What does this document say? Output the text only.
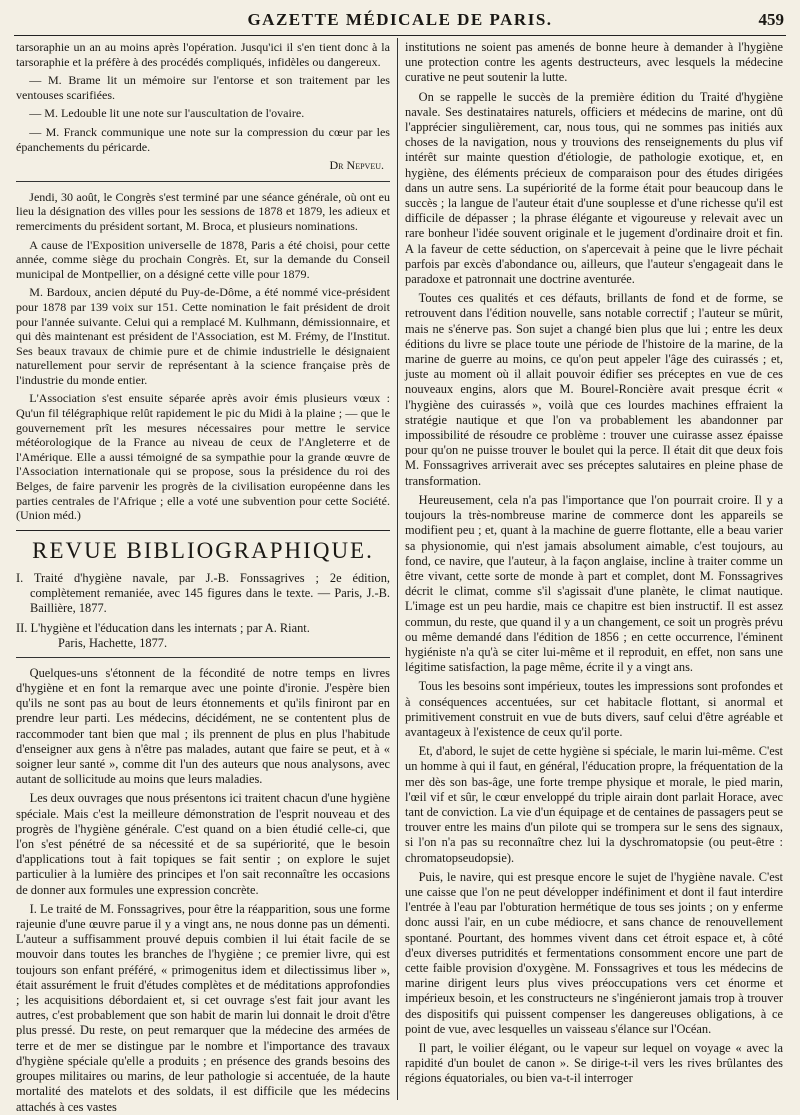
GAZETTE MÉDICALE DE PARIS.	459

tarsoraphie un an au moins après l'opération. Jusqu'ici il s'en tient donc à la tarsoraphie et la préfère à des procédés compliqués, infidèles ou dangereux.

— M. Brame lit un mémoire sur l'entorse et son traitement par les ventouses scarifiées.

— M. Ledouble lit une note sur l'auscultation de l'ovaire.

— M. Franck communique une note sur la compression du cœur par les épanchements du péricarde.

Dr Nepveu.

Jendi, 30 août, le Congrès s'est terminé par une séance générale, où ont eu lieu la désignation des villes pour les sessions de 1878 et 1879, les adieux et remerciments du président sortant, M. Broca, et plusieurs nominations.

A cause de l'Exposition universelle de 1878, Paris a été choisi, pour cette année, comme siège du prochain Congrès. Et, sur la demande du Conseil municipal de Montpellier, on a désigné cette ville pour 1879.

M. Bardoux, ancien député du Puy-de-Dôme, a été nommé vice-président pour 1878 par 139 voix sur 151. Cette nomination le fait président de droit pour l'année suivante. Celui qui a remplacé M. Kulhmann, démissionnaire, et qui dès maintenant est président de l'Association, est M. Frémy, de l'Institut. Ses beaux travaux de chimie pure et de chimie industrielle le désignaient naturellement pour servir de représentant à la science française près de l'industrie du monde entier.

L'Association s'est ensuite séparée après avoir émis plusieurs vœux : Qu'un fil télégraphique relût rapidement le pic du Midi à la plaine ; — que le gouvernement prît les mesures nécessaires pour mettre le service météorologique de la France au niveau de ceux de l'Angleterre et de l'Amérique. Elle a aussi témoigné de sa sympathie pour la grande œuvre de l'Association internationale qui se propose, sous la présidence du roi des Belges, de faire parvenir les progrès de la civilisation européenne dans les parties centrales de l'Afrique ; elle a voté une subvention pour cette Société. (Union méd.)

REVUE BIBLIOGRAPHIQUE.

I. Traité d'hygiène navale, par J.-B. Fonssagrives ; 2e édition, complètement remaniée, avec 145 figures dans le texte. — Paris, J.-B. Baillière, 1877.

II. L'hygiène et l'éducation dans les internats ; par A. Riant.
Paris, Hachette, 1877.

Quelques-uns s'étonnent de la fécondité de notre temps en livres d'hygiène et en font la remarque avec une pointe d'ironie. J'espère bien qu'ils ne sont pas au bout de leurs étonnements et qu'ils finiront par en prendre leur parti. Les médecins, décidément, ne se contentent plus de raccommoder tant bien que mal ; ils prennent de plus en plus l'habitude d'enseigner aux gens à n'être pas malades, autant que faire se peut, et à « soigner leur santé », comme dit l'un des auteurs que nous analysons, avec autant de sollicitude au moins que leurs maladies.

Les deux ouvrages que nous présentons ici traitent chacun d'une hygiène spéciale. Mais c'est la meilleure démonstration de l'esprit nouveau et des progrès de l'hygiène générale. C'est quand on a bien étudié celle-ci, que l'on s'est pénétré de sa nécessité et de sa supériorité, que le besoin d'applications tout à fait topiques se fait sentir ; on explore le sujet particulier à la lumière des principes et l'on sait reconnaître les occasions de donner aux formules une expression concrète.

I. Le traité de M. Fonssagrives, pour être la réapparition, sous une forme rajeunie d'une œuvre parue il y a vingt ans, ne nous donne pas un démenti. L'auteur a suffisamment prouvé depuis combien il lui était facile de se mouvoir dans toutes les branches de l'hygiène ; ce premier livre, qui est toujours son enfant préféré, « primogenitus idem et dilectissimus liber », était assurément le fruit d'études complètes et de méditations approfondies ; les acquisitions débordaient et, si cet ouvrage s'est fait jour avant les autres, c'est probablement que son habit de marin lui donnait le droit d'être plus pressé. Du reste, on peut remarquer que la médecine des armées de terre et de mer se distingue par le nombre et l'importance des travaux d'hygiène spéciale qu'elle a produits ; en présence des grands besoins des groupes militaires ou marins, de leur pathologie si accentuée, de la haute mortalité des matelots et des soldats, il est difficile que les médecins attachés à ces vastes

institutions ne soient pas amenés de bonne heure à demander à l'hygiène une protection contre les agents destructeurs, avec lesquels la médecine curative ne peut soutenir la lutte.

On se rappelle le succès de la première édition du Traité d'hygiène navale. Ses destinataires naturels, officiers et médecins de marine, ont dû l'apprécier singulièrement, car, nous tous, qui ne sommes pas initiés aux choses de la navigation, nous y trouvions des renseignements du plus vif intérêt sur mainte question d'étiologie, de pathologie exotique, et, en hygiène, des éléments précieux de comparaison pour des études dirigées dans un autre sens. La supériorité de la forme était pour beaucoup dans le succès ; la langue de l'auteur était d'une souplesse et d'une richesse qu'il est difficile de dépasser ; la phrase élégante et vigoureuse y relevait avec un rare bonheur l'idée souvent originale et le jugement d'ordinaire droit et fin. A la faveur de cette séduction, on s'apercevait à peine que le livre péchait parfois par excès d'abondance ou, ailleurs, que l'auteur s'engageait dans le paradoxe et patronnait une doctrine aventurée.

Toutes ces qualités et ces défauts, brillants de fond et de forme, se retrouvent dans l'édition nouvelle, sans notable correctif ; l'auteur se mûrit, mais ne s'énerve pas. Son sujet a changé bien plus que lui ; entre les deux éditions du livre se place toute une période de l'histoire de la marine, de la marine de guerre au moins, ce qu'on peut appeler l'âge des cuirassés ; et, juste au moment où il allait pouvoir édifier ses préceptes en vue de ces nouveaux engins, alors que M. Bourel-Roncière avait presque écrit « l'hygiène des cuirassés », voilà que ces lourdes machines effraient la stratégie nautique et que l'on va probablement les abandonner par impossibilité de résoudre ce problème : trouver une cuirasse assez épaisse pour qu'on ne puisse trouver le boulet qui la perce. Il était dit que deux fois M. Fonssagrives arriverait avec ses préceptes salutaires en pleine phase de transformation.

Heureusement, cela n'a pas l'importance que l'on pourrait croire. Il y a toujours la très-nombreuse marine de commerce dont les appareils se modifient peu ; et, quant à la machine de guerre flottante, elle a beau varier sa physionomie, qui n'est jamais absolument aimable, c'est toujours, au fond, ce navire, que l'auteur, à la façon anglaise, incline à traiter comme un être vivant, cette sorte de monde à part et complet, dont M. Fonssagrives décrit le climat, comme s'il s'agissait d'une planète, le climat nautique. L'image est un peu hardie, mais ce chapitre est bien instructif. Il est assez commun, du reste, que quand il y a un changement, ce soit un progrès prévu ou même demandé dans l'édition de 1856 ; en cette occurrence, l'éminent hygiéniste n'a qu'à se citer lui-même et il reproduit, en effet, non sans une légitime satisfaction, la page même, écrite il y a vingt ans.

Tous les besoins sont impérieux, toutes les impressions sont profondes et à conséquences accentuées, sur cet habitacle flottant, si anormal et primitivement construit en vue de buts divers, sauf celui d'être agréable et avantageux à l'existence de ceux qu'il porte.

Et, d'abord, le sujet de cette hygiène si spéciale, le marin lui-même. C'est un homme à qui il faut, en général, l'éducation propre, la fréquentation de la mer dès son bas-âge, une forte trempe physique et morale, le pied marin, l'œil vif et sûr, le cœur enveloppé du triple airain dont parlait Horace, avec tant de conviction. La vie d'un équipage et de centaines de passagers peut se trouver entre les mains d'un pilote qui se trompera sur le sens des signaux, si l'on n'a pas su reconnaître chez lui la dyschromatopsie (ou peut-être : chromatopseudopsie).

Puis, le navire, qui est presque encore le sujet de l'hygiène navale. C'est une caisse que l'on ne peut développer indéfiniment et dont il faut interdire l'entrée à l'eau par l'obturation hermétique de tous ses joints ; on y enferme donc aussi l'air, en un cube médiocre, et sans chance de renouvellement spontané. Pourtant, des hommes vivent dans cet étroit espace et, à côté d'eux diverses putridités et fermentations consomment encore une part de cette faible provision d'oxygène. M. Fonssagrives et tous les médecins de marine dirigent leurs plus vives préoccupations vers cet énorme et impérieux besoin, et les constructeurs ne s'ingénieront jamais trop à trouver des dispositifs qui puissent compenser les dangereuses obligations, à ce point de vue, avec lesquelles un vaisseau s'élance sur l'Océan.

Il part, le voilier élégant, ou le vapeur sur lequel on voyage « avec la rapidité d'un boulet de canon ». Se dirige-t-il vers les rives brûlantes des régions équatoriales, ou bien va-t-il interroger
